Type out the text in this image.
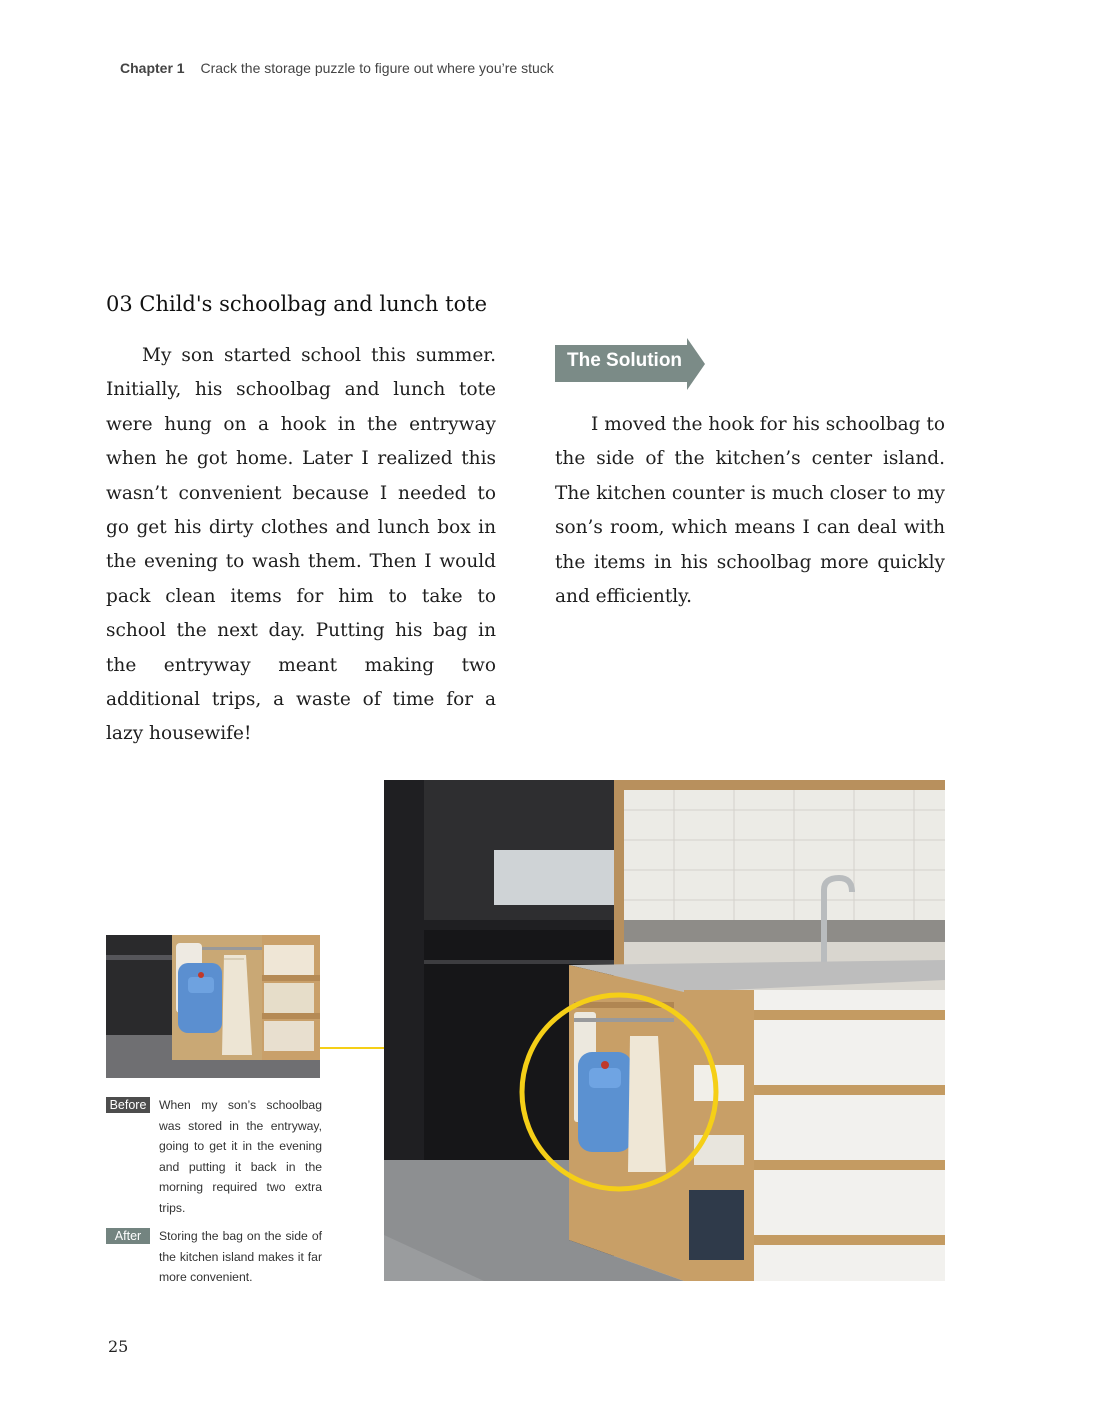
Chapter 1 Crack the storage puzzle to figure out where you’re stuck
03 Child's schoolbag and lunch tote

My son started school this summer. Initially, his schoolbag and lunch tote were hung on a hook in the entryway when he got home. Later I realized this wasn’t convenient because I needed to go get his dirty clothes and lunch box in the evening to wash them. Then I would pack clean items for him to take to school the next day. Putting his bag in the entryway meant making two additional trips, a waste of time for a lazy housewife!

The Solution

I moved the hook for his schoolbag to the side of the kitchen’s center island. The kitchen counter is much closer to my son’s room, which means I can deal with the items in his schoolbag more quickly and efficiently.

Before When my son’s schoolbag was stored in the entryway, going to get it in the evening and putting it back in the morning required two extra trips.
After	Storing the bag on the side of the kitchen island makes it far more convenient.
25
